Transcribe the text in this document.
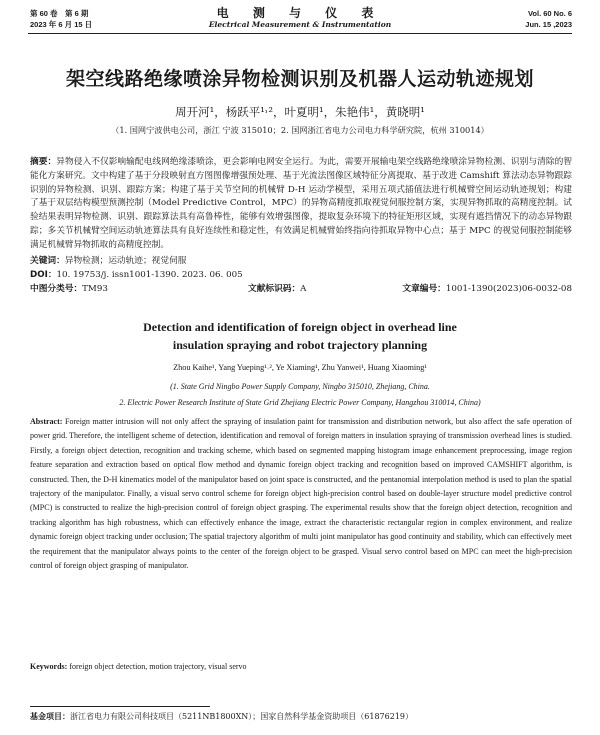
第 60 卷　第 6 期
2023 年 6 月 15 日
电 测 与 仪 表
Electrical Measurement & Instrumentation
Vol. 60 No. 6
Jun. 15 ,2023
架空线路绝缘喷涂异物检测识别及机器人运动轨迹规划
周开河¹，杨跃平¹˒²，叶夏明¹，朱艳伟¹，黄晓明¹
（1. 国网宁波供电公司，浙江 宁波 315010；2. 国网浙江省电力公司电力科学研究院，杭州 310014）
摘要：异物侵入不仅影响输配电线网绝缘漆喷涂，更会影响电网安全运行。为此，需要开展输电架空线路绝缘喷涂异物检测、识别与清除的智能化方案研究。文中构建了基于分段映射直方图图像增强预处理、基于光流法图像区域特征分离提取、基于改进 Camshift 算法动态异物跟踪识别的异物检测、识别、跟踪方案；构建了基于关节空间的机械臂 D-H 运动学模型，采用五项式插值法进行机械臂空间运动轨迹规划；构建了基于双层结构模型预测控制（Model Predictive Control，MPC）的异物高精度抓取视觉伺服控制方案，实现异物抓取的高精度控制。试验结果表明异物检测、识别、跟踪算法具有高鲁棒性，能够有效增强图像，提取复杂环境下的特征矩形区域，实现有遮挡情况下的动态异物跟踪；多关节机械臂空间运动轨迹算法具有良好连续性和稳定性，有效满足机械臂始终指向待抓取异物中心点；基于 MPC 的视觉伺服控制能够满足机械臂异物抓取的高精度控制。
关键词：异物检测；运动轨迹；视觉伺服
DOI：10. 19753/j. issn1001-1390. 2023. 06. 005
中图分类号：TM93	文献标识码：A	文章编号：1001-1390(2023)06-0032-08
Detection and identification of foreign object in overhead line
insulation spraying and robot trajectory planning
Zhou Kaihe¹, Yang Yueping¹˒², Ye Xiaming¹, Zhu Yanwei¹, Huang Xiaoming¹
(1. State Grid Ningbo Power Supply Company, Ningbo 315010, Zhejiang, China.
2. Electric Power Research Institute of State Grid Zhejiang Electric Power Company, Hangzhou 310014, China)
Abstract: Foreign matter intrusion will not only affect the spraying of insulation paint for transmission and distribution network, but also affect the safe operation of power grid. Therefore, the intelligent scheme of detection, identification and removal of foreign matters in insulation spraying of transmission overhead lines is studied. Firstly, a foreign object detection, recognition and tracking scheme, which based on segmented mapping histogram image enhancement preprocessing, image region feature separation and extraction based on optical flow method and dynamic foreign object tracking and recognition based on improved CAMSHIFT algorithm, is constructed. Then, the D-H kinematics model of the manipulator based on joint space is constructed, and the pentanomial interpolation method is used to plan the spatial trajectory of the manipulator. Finally, a visual servo control scheme for foreign object high-precision control based on double-layer structure model predictive control (MPC) is constructed to realize the high-precision control of foreign object grasping. The experimental results show that the foreign object detection, recognition and tracking algorithm has high robustness, which can effectively enhance the image, extract the characteristic rectangular region in complex environment, and realize dynamic foreign object tracking under occlusion; The spatial trajectory algorithm of multi joint manipulator has good continuity and stability, which can effectively meet the requirement that the manipulator always points to the center of the foreign object to be grasped. Visual servo control based on MPC can meet the high-precision control of foreign object grasping of manipulator.
Keywords: foreign object detection, motion trajectory, visual servo
基金项目：浙江省电力有限公司科技项目（5211NB1800XN）；国家自然科学基金资助项目（61876219）
